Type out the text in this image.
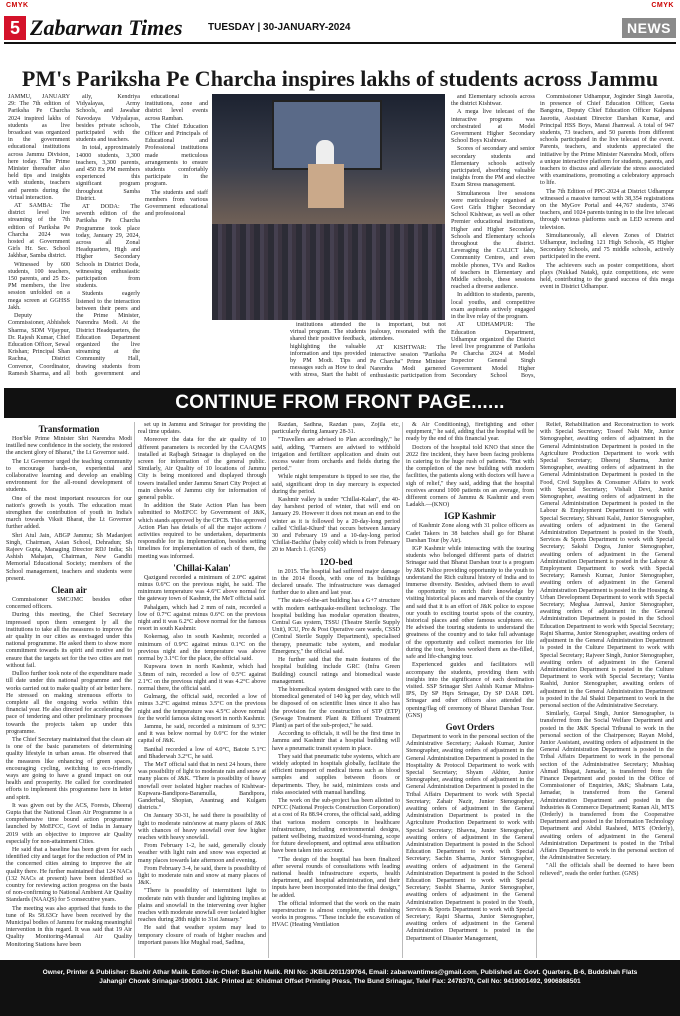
CMYK	CMYK
5 Zabarwan Times	TUESDAY | 30-JANUARY-2024	NEWS
PM's Pariksha Pe Charcha inspires lakhs of students across Jammu

JAMMU, JANUARY 29: The 7th edition of Pariksha Pe Charcha 2024 inspired lakhs of students as live broadcast was organized in the government educational institutions across Jammu Division, here today. The Prime Minister thereafter also held tips and insights with students, teachers and parents during the virtual interaction.

AT SAMBA: The district level live streaming of the 7th edition of Pariksha Pe Charcha 2024 was hosted at Government Girls Hr. Sec. School Jakhbar, Samba district.

Witnessed by 600 students, 100 teachers, 150 parents, and 25 Ex-PM members, the live session unfolded on a mega screen at GGHSS Jakh.

Deputy Commissioner, Abhishek Sharma, SDM Vijaypur, Dr. Rajesh Kumar, Chief Education Officer, Sewal Krishan; Principal Shan Rachna, District Convenor, Coordinator, Ramesh Sharma, and all

ally, Kendriya Vidyalayas, Army Schools, and Jawahar Navodaya Vidyalayas, besides private schools, participated with the students and teachers.

In total, approximately 14000 students, 3,300 teachers, 3,300 parents, and 450 Ex PM members experienced this significant program throughout Samba District.

AT DODA: The seventh edition of the Pariksha Pe Charcha Programme took place today, January 29, 2024, across all Zonal Headquarters, High and Higher Secondary Schools in District Doda, witnessing enthusiastic participation from students.

Students eagerly listened to the interaction between their peers and the Prime Minister, Narendra Modi. At the District Headquarters, the Education Department organized the live streaming at the Community Hall, drawing students from both government and

educational institutions, zone and district level events across Ramban.

The Chief Education Officer and Principals of Educational and Professional institutions made meticulous arrangements to ensure students comfortably participate in the program.

The students and staff members from various Government educational and professional

institutions attended the virtual program. The students shared their positive feedback, highlighting the valuable information and tips provided by PM Modi. Tips and messages such as How to deal with stress, Start the habit of

is important, but not jealousy, resonated with the attendees.

AT KISHTWAR: The interactive session "Pariksha Pe Charcha" Prime Minister Narendra Modi garnered enthusiastic participation from

and Elementary schools across the district Kishtwar.

A mega live telecast of the interactive programs was orchestrated at Model Government Higher Secondary School Boys Kishtwar.

Scores of secondary and senior secondary students and Elementary schools actively participated, absorbing valuable insights from the PM and elective Exam Stress management.

Simultaneous live sessions were meticulously organised at Govt Girls Higher Secondary School Kishtwar, as well as other Premier educational institutions, Higher and Higher Secondary Schools and Elementary schools throughout the district. Leveraging the CALICT labs, Community Centres, and even mobile phones, TVs and Radios of teachers in Elementary and Middle schools, these sessions reached a diverse audience.

In addition to students, parents, local youths, and competitive exam aspirants actively engaged in the live relay of the program.

AT UDHAMPUR: The Education Department, Udhampur organized the District level live programme of Pariksha Pe Charcha 2024 at Model Inspector General Singh Government Model Higher Secondary School Boys,

Commissioner Udhampur, Joginder Singh Jasrotia, in presence of Chief Education Officer, Geeta Bangotra, Deputy Chief Education Officer Kalpana Jasrotia, Assistant Director Darshan Kumar, and Principal HSS Boys, Mansi Jhamwal. A total of 947 students, 73 teachers, and 50 parents from different schools participated in the live telecast of the event. Parents, teachers, and students appreciated the initiative by the Prime Minister Narendra Modi, offers a unique interactive platform for students, parents, and teachers to discuss and alleviate the stress associated with examinations, promoting a celebratory approach to life.

The 7th Edition of PPC-2024 at District Udhampur witnessed a massive turnout with 38,354 registrations on the MyGov Portal and 44,767 students, 3746 teachers, and 1024 parents tuning in to the live telecast through various platforms such as LED screens and television.

Simultaneously, all eleven Zones of District Udhampur, including 121 High Schools, 45 Higher Secondary Schools, and 75 middle schools, actively participated in the event.

The achievers such as poster competitions, short plays (Nukkad Natak), quiz competitions, etc were held, contributing to the grand success of this mega event in District Udhampur.

CONTINUE FROM FRONT PAGE......
Transformation

Hon'ble Prime Minister Shri Narendra Modi instilled new confidence in the society, the restored the ancient glory of Bharat," the Lt Governor said.

The Lt Governor urged the teaching community to encourage hands-on, experiential and collaborative learning and develop an enabling environment for the all-round development of students.

One of the most important resources for our nation's growth is youth. The education must strengthen the contribution of youth in India's march towards Viksit Bharat, the Lt Governor further added.

Shri Atul Jain, ABGP Jammu; Sh Madanjeet Singh, Chairman, Asian School, Dehradun; Sh Rajeev Gupta, Managing Director RDJ India; Sh Ashish Mahajan, Chairman, New Gandhi Memorial Educational Society; members of the School management, teachers and students were present.

Clean air

Commissioner SMC/JMC besides other concerned officers.

During this meeting, the Chief Secretary impressed upon them emergent ly all the institutions to take all the measures to improve the air quality in our cities as envisaged under this national programme. He asked them to show more commitment towards its spirit and motive and to ensure that the targets set for the two cities are met without fail.

Dulloo further took note of the expenditure made till date under this national programme and the works carried out to make quality of air better here. He stressed on making strenuous efforts to complete all the ongoing works within this financial year. He also directed for accelerating the pace of tendering and other preliminary processes towards the projects taken up under this programme.

The Chief Secretary maintained that the clean air is one of the basic parameters of determining quality lifestyle in urban areas. He observed that the measures like enhancing of green spaces, encouraging cycling, switching to eco-friendly ways are going to have a grand impact on our health and prosperity. He called for coordinated efforts to implement this programme here in letter and spirit.

It was given out by the ACS, Forests, Dheeraj Gupta that the National Clean Air Programme is a comprehensive time bound action programme launched by MoEFCC, Govt of India in January 2019 with an objective to improve air Quality especially for non-attainment Cities.

He said that a baseline has been given for each identified city and target for the reduction of PM in the concerned cities aiming to improve the air quality there. He further maintained that 124 NACs (132 NACs at present) have been identified so country for reviewing action progress on the basis of non-confirming to National Ambient Air Quality Standards (NAAQS) for 5 consecutive years.

The meeting was also apprised that funds to the tune of Rs 58.63Cr have been received by the Municipal bodies of Jammu for making meaningful intervention in this regard. It was said that 19 Air Quality Monitoring-Manual Air Quality Monitoring Stations have been

set up in Jammu and Srinagar for providing the real time updates.

Moreover the data for the air quality of 10 different parameters is recorded by the CAAQMS installed at Rajbagh Srinagar is displayed on the screen for information of the general public. Similarly, Air Quality of 10 locations of Jammu City is being monitored and displayed through towers installed under Jammu Smart City Project at main chowks of Jammu city for information of general public.

In addition the State Action Plan has been submitted to MoEFCC by Government of J&K, which stands approved by the CPCB. This approved Action Plan has details of all the major actions / activities required to be undertaken, departments responsible for its implementation, besides setting timelines for implementation of each of them, the meeting was informed.

'Chillai-Kalan'

Qazigund recorded a minimum of 2.0°C against minus 0.6°C on the previous night, he said. The minimum temperature was 4.6°C above normal for the gateway town of Kashmir, the MeT official said.

Pahalgam, which had 2 mm of rain, recorded a low of 0.7°C against minus 0.6°C on the previous night and it was 6.2°C above normal for the famous resort in south Kashmir.

Kokernag, also in south Kashmir, recorded a minimum of 0.9°C against minus 0.1°C on the previous night and the temperature was above normal by 3.1°C for the place, the official said.

Kupwara town in north Kashmir, which had 3.8mm of rain, recorded a low of 0.5°C against 2.1°C on the previous night and it was 4.2°C above normal there, the official said.

Gulmarg, the official said, recorded a low of minus 3.2°C against minus 3.5°C on the previous night and the temperature was 4.5°C above normal for the world famous skiing resort in north Kashmir.

Jammu, he said, recorded a minimum of 9.3°C and it was below normal by 0.6°C for the winter capital of J&K.

Banihal recorded a low of 4.0°C, Batote 5.1°C and Bhaderwah 3.2°C, he said.

The MeT official said that in next 24 hours, there was possibility of light to moderate rain and snow at many places of J&K. "There is possibility of heavy snowfall over isolated higher reaches of Kishtwar-Kupwara-Bandipora-Baramulla, Bandipora, Ganderbal, Shopian, Anantnag and Kulgam districts."

On January 30-31, he said there is possibility of light to moderate rain/snow at many places of J&K with chances of heavy snowfall over few higher reaches with heavy snowfall.

From February 1-2, he said, generally cloudy weather with light rain and snow was expected at many places towards late afternoon and evening.

From February 3-4, he said, there is possibility of light to moderate rain and snow at many places of J&K.

"There is possibility of intermittent light to moderate rain with thunder and lightning implies at plains and snowfall in the intervening over higher reaches with moderate snowfall over isolated higher reaches during 28th night to 31st January."

He said that weather system may lead to temporary closure of roads of higher reaches and important passes like Mughal road, Sadhna,

Razdan, Sadhna, Razdan pass, Zojila etc, particularly during January 28-31.

"Travellers are advised to Plan accordingly," he said, adding, "Farmers are advised to withhold irrigation and fertilizer application and drain out excess water from orchards and fields during the period."

While night temperature is tipped to see rise, the said, significant drop in day mercury is expected during the period.

Kashmir valley is under "Chillai-Kalan", the 40-day harshest period of winter, that will end on January 29. However it does not mean an end to the winter as it is followed by a 20-day-long period called 'Chillai-Khurd' that occurs between January 30 and February 19 and a 10-day-long period 'Chillai-Bachha' (baby cold) which is from February 20 to March 1. (GNS)

12O-bed

in 2015. The hospital had suffered major damage in the 2014 floods, with one of its buildings declared unsafe. The infrastructure was damaged further due to alien and last year.

"The state-of-the-art building has a G+7 structure with modern earthquake-resilient technology. The hospital building has modular operation theatres, Central Gas system, TSSU (Theatre Sterile Supply Unit), ICU, Pre & Post Operative care wards, CSSD (Central Sterile Supply Department), specialised therapy, pneumatic tube system, and modular Emergency," the official said.

He further said that the main features of the hospital building include GRC (Infra Green Building) council ratings and biomedical waste management.

The biomedical system designed with care to the biomedical generated of 140 kg per day, which will be disposed of on scientific lines since it also has the provision for the construction of STP (ETP) (Sewage Treatment Plant & Effluent Treatment Plant) as part of the sub-project," he said.

According to officials, it will be the first time in Jammu and Kashmir that a hospital building will have a pneumatic transit system in place.

They said that pneumatic tube systems, which are widely adopted in hospitals globally, facilitate the efficient transport of medical items such as blood samples and supplies between floors or departments. They, he said, minimizes costs and risks associated with manual handling.

The work on the sub-project has been allotted to NPCC (National Projects Construction Corporation) at a cost of Rs 88.94 crores, the official said, adding that various modern concepts in healthcare infrastructure, including environmental designs, patient wellbeing, maximized wood-framing, scope for future development, and optimal area utilisation have been taken into account.

"The design of the hospital has been finalized after several rounds of consultations with leading national health infrastructure experts, health department, and hospital administration, and their inputs have been incorporated into the final design," he added.

The official informed that the work on the main superstructure is almost complete, with finishing works in progress. "These include the excavation of HVAC (Heating Ventilation

& Air Conditioning), firefighting and other equipment," he said, adding that the hospital will be ready by the end of this financial year.

Doctors of the hospital told KNO that since the 2022 fire incident, they have been facing problems in catering to the huge rush of patients. "But with the completion of the new building with modern facilities, the patients along with doctors will have a sigh of relief," they said, adding that the hospital receives around 1000 patients on an average, from different corners of Jammu & Kashmir and even Ladakh.—(KNO)

IGP Kashmir

of Kashmir Zone along with 31 police officers as Cadet Takers in 38 batches shall go for Bharat Darshan Tour (by Air).

IGP Kashmir while interacting with the touring students who belonged different parts of district Srinagar said that Bharat Darshan tour is a program by J&K Police providing opportunity to the youth to understand the Rich cultural history of India and to immerse diversity. Besides, advised them to avail the opportunity to enrich their knowledge by visiting historical places and marvels of the country and said that it is an effort of J&K police to expose our youth to exciting tourist spots of the country, historical places and other famous sculptures etc. He advised the touring students to understand the greatness of the country and to take full advantage of the opportunity and collect memories for life during the tour, besides worked them as the-filled, safe and life-changing tour.

Experienced guides and facilitators will accompany the students, providing them with insights into the significance of each destination visited. SSP Srinagar Shri Ashish Kumar Mishra-IPS, Dy SP Hqrs Srinagar, Dy SP DAR DPL Srinagar and other officers also attended the opening/flag off ceremony of Bharat Darshan Tour. (GNS)

Govt Orders

Department to work in the personal section of the Administrative Secretary; Aakash Kumar, Junior Stenographer, awaiting orders of adjustment in the General Administration Department is posted in the Hospitality & Protocol Department to work with Special Secretary; Shyam Akhter, Junior Stenographer, awaiting orders of adjustment in the General Administration Department is posted in the Tribal Affairs Department to work with Special Secretary; Zahair Nazir, Junior Stenographer, awaiting orders of adjustment in the General Administration Department is posted in the Agriculture Production Department to work with Special Secretary; Bhavna, Junior Stenographer, awaiting orders of adjustment in the General Administration Department is posted in the School Education Department to work with Special Secretary; Sachin Sharma, Junior Stenographer, awaiting orders of adjustment in the General Administration Department is posted in the School Education Department to work with Special Secretary; Sushbi Sharma, Junior Stenographer, awaiting orders of adjustment in the General Administration Department is posted in the Youth, Services & Sports Department to work with Special Secretary; Rajni Sharma, Junior Stenographer, awaiting orders of adjustment in the General Administration Department is posted in the Department of Disaster Management,

Relief, Rehabilitation and Reconstruction to work with Special Secretary; Toseef Nabi Mir, Junior Stenographer, awaiting orders of adjustment in the General Administration Department is posted in the Agriculture Production Department to work with Special Secretary; Dheeraj Sharma, Junior Stenographer, awaiting orders of adjustment in the General Administration Department is posted in the Food, Civil Supplies & Consumer Affairs to work with Special Secretary; Vishali Devi, Junior Stenographer, awaiting orders of adjustment in the General Administration Department is posted in the Labour & Employment Department to work with Special Secretary; Shivani Kalsi, Junior Stenographer, awaiting orders of adjustment in the General Administration Department is posted in the Youth, Services & Sports Department to work with Special Secretary; Sakshi Dogra, Junior Stenographer, awaiting orders of adjustment in the General Administration Department is posted in the Labour & Employment Department to work with Special Secretary; Ramesh Kumar, Junior Stenographer, awaiting orders of adjustment in the General Administration Department is posted in the Housing & Urban Development Department to work with Special Secretary; Meghaa Jamwal, Junior Stenographer, awaiting orders of adjustment in the General Administration Department is posted in the School Education Department to work with Special Secretary; Rajni Sharma, Junior Stenographer, awaiting orders of adjustment in the General Administration Department is posted in the Culture Department to work with Special Secretary; Rajveer Singh, Junior Stenographer, awaiting orders of adjustment in the General Administration Department is posted in the Culture Department to work with Special Secretary; Vanita Rashid, Junior Stenographer, awaiting orders of adjustment in the General Administration Department is posted in the Jal Shakti Department to work in the personal section of the Administrative Secretary.

Similarly, Gurpal Singh, Junior Stenographer, is transferred from the Social Welfare Department and posted in the J&K Special Tribunal to work in the personal section of the Chairperson; Rayan Mohd, Junior Assistant, awaiting orders of adjustment in the General Administration Department is posted in the Tribal Affairs Department to work in the personal section of the Administrative Secretary; Mushtaq Ahmad Bhagat, Jamadar, is transferred from the Finance Department and posted in the Office of Commissioner of Enquiries, J&K; Shabnam Lata, Jamadar, is transferred from the General Administration Department and posted in the Industries & Commerce Department; Raman Ali, MTS (Orderly) is transferred from the Cooperative Department and posted in the Information Technology Department and Abdul Rasheed, MTS (Orderly), awaiting orders of adjustment in the General Administration Department is posted in the Tribal Affairs Department to work in the personal section of the Administrative Secretary.

"All the officials shall be deemed to have been relieved", reads the order further. (GNS)

Owner, Printer & Publisher: Bashir Athar Malik. Editor-in-Chief: Bashir Malik. RNI No: JKBIL/2011/39764, Email: zabarwantimes@gmail.com, Published at: Govt. Quarters, B-6, Buddshah Flats
Jahangir Chowk Srinagar-190001 J&K. Printed at: Khidmat Offset Printing Press, The Bund Srinagar, Tele/ Fax: 2478370, Cell No: 9419001492, 9906868501
